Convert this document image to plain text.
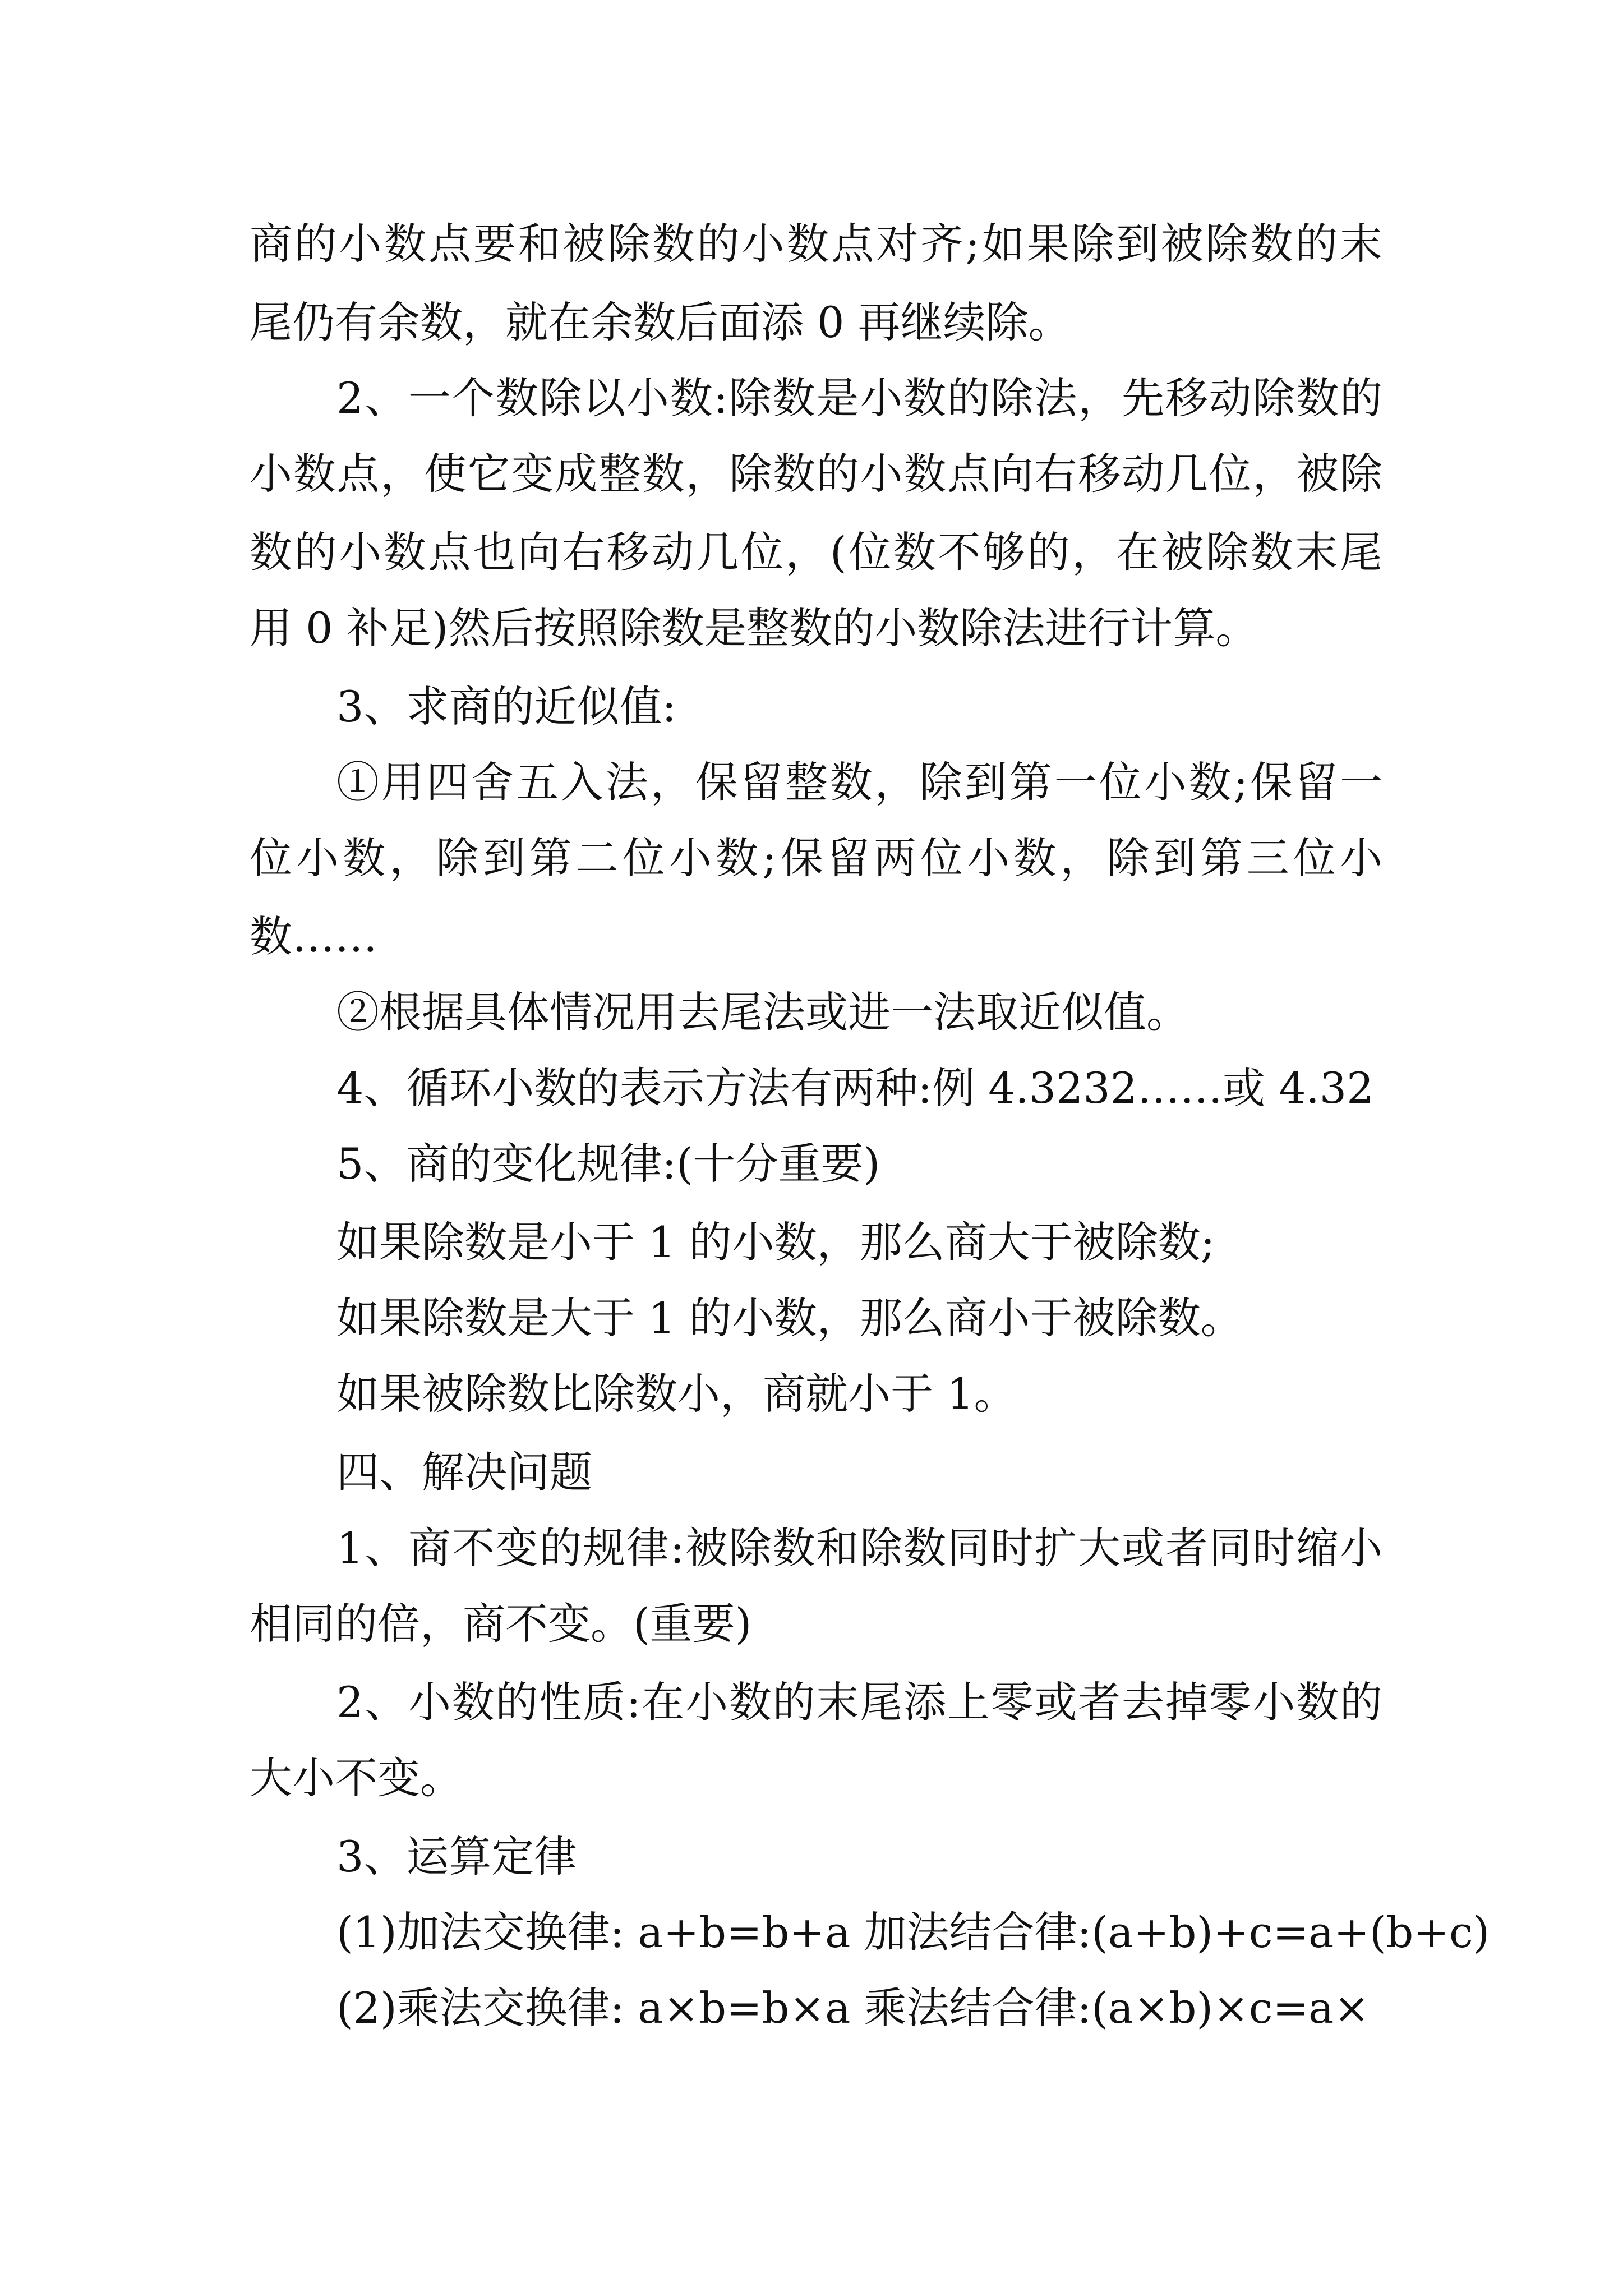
商的小数点要和被除数的小数点对齐;如果除到被除数的末
尾仍有余数，就在余数后面添 0 再继续除。
2、一个数除以小数:除数是小数的除法，先移动除数的
小数点，使它变成整数，除数的小数点向右移动几位，被除
数的小数点也向右移动几位，(位数不够的，在被除数末尾
用 0 补足)然后按照除数是整数的小数除法进行计算。
3、求商的近似值:
①用四舍五入法，保留整数，除到第一位小数;保留一
位小数，除到第二位小数;保留两位小数，除到第三位小
数……
②根据具体情况用去尾法或进一法取近似值。
4、循环小数的表示方法有两种:例 4.3232……或 4.32
5、商的变化规律:(十分重要)
如果除数是小于 1 的小数，那么商大于被除数;
如果除数是大于 1 的小数，那么商小于被除数。
如果被除数比除数小，商就小于 1。
四、解决问题
1、商不变的规律:被除数和除数同时扩大或者同时缩小
相同的倍，商不变。(重要)
2、小数的性质:在小数的末尾添上零或者去掉零小数的
大小不变。
3、运算定律
(1)加法交换律: a+b=b+a 加法结合律:(a+b)+c=a+(b+c)
(2)乘法交换律: a×b=b×a 乘法结合律:(a×b)×c=a×
